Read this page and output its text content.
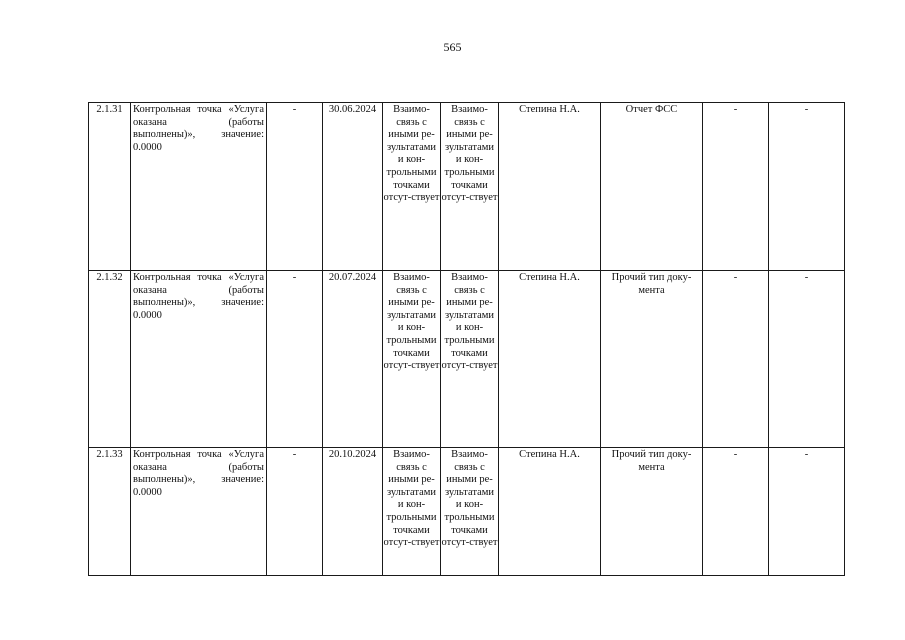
565
2.1.31	Контрольная точка «Услуга оказана (работы выполнены)», значение: 0.0000	-	30.06.2024	Взаимо-связь с иными ре-зультатами и кон-трольными точками отсут-ствует	Взаимо-связь с иными ре-зультатами и кон-трольными точками отсут-ствует	Степина Н.А.	Отчет ФСС	-	-
2.1.32	Контрольная точка «Услуга оказана (работы выполнены)», значение: 0.0000	-	20.07.2024	Взаимо-связь с иными ре-зультатами и кон-трольными точками отсут-ствует	Взаимо-связь с иными ре-зультатами и кон-трольными точками отсут-ствует	Степина Н.А.	Прочий тип доку-мента	-	-
2.1.33	Контрольная точка «Услуга оказана (работы выполнены)», значение: 0.0000	-	20.10.2024	Взаимо-связь с иными ре-зультатами и кон-трольными точками отсут-ствует	Взаимо-связь с иными ре-зультатами и кон-трольными точками отсут-ствует	Степина Н.А.	Прочий тип доку-мента	-	-
